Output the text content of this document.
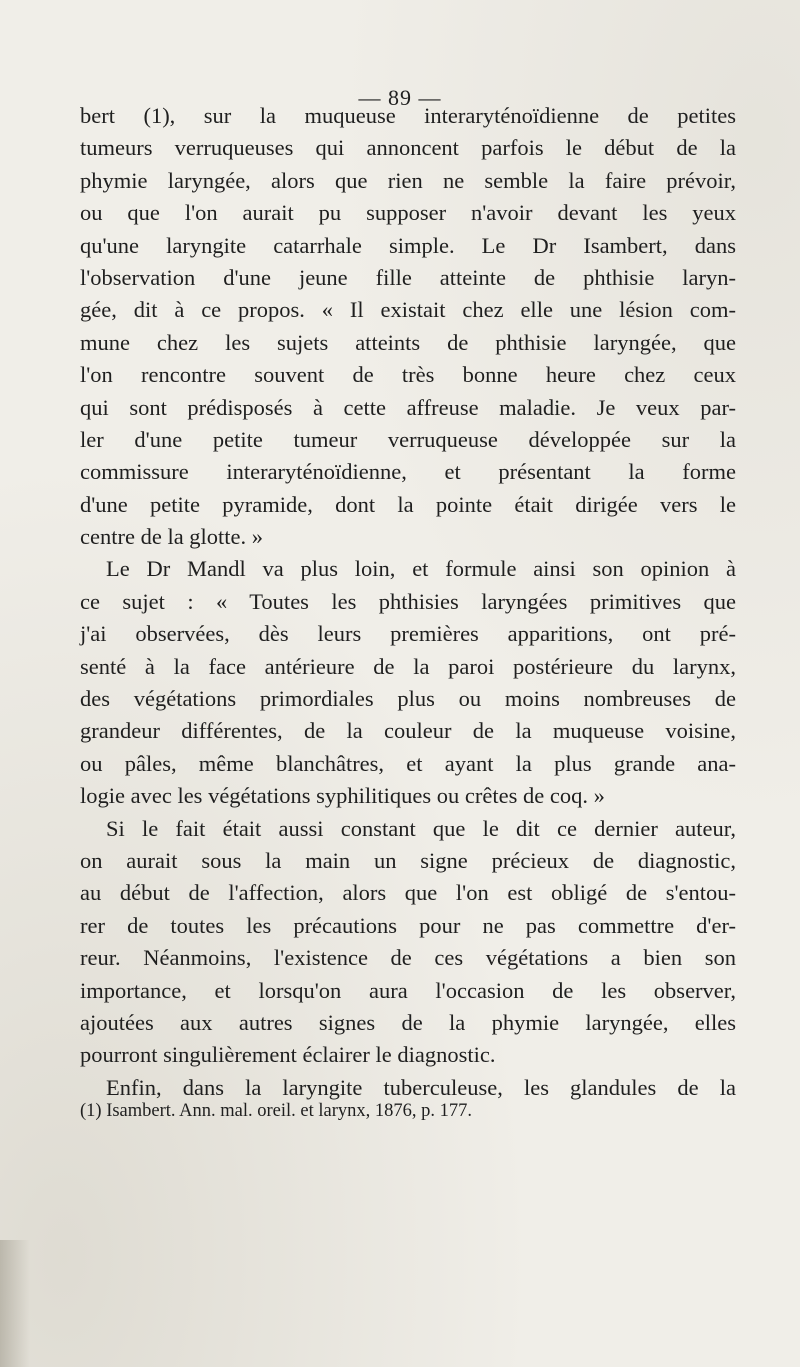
— 89 —
bert (1), sur la muqueuse interaryténoïdienne de petites
tumeurs verruqueuses qui annoncent parfois le début de la
phymie laryngée, alors que rien ne semble la faire prévoir,
ou que l'on aurait pu supposer n'avoir devant les yeux
qu'une laryngite catarrhale simple. Le Dr Isambert, dans
l'observation d'une jeune fille atteinte de phthisie laryn-
gée, dit à ce propos. « Il existait chez elle une lésion com-
mune chez les sujets atteints de phthisie laryngée, que
l'on rencontre souvent de très bonne heure chez ceux
qui sont prédisposés à cette affreuse maladie. Je veux par-
ler d'une petite tumeur verruqueuse développée sur la
commissure interaryténoïdienne, et présentant la forme
d'une petite pyramide, dont la pointe était dirigée vers le
centre de la glotte. »
Le Dr Mandl va plus loin, et formule ainsi son opinion à
ce sujet : « Toutes les phthisies laryngées primitives que
j'ai observées, dès leurs premières apparitions, ont pré-
senté à la face antérieure de la paroi postérieure du larynx,
des végétations primordiales plus ou moins nombreuses de
grandeur différentes, de la couleur de la muqueuse voisine,
ou pâles, même blanchâtres, et ayant la plus grande ana-
logie avec les végétations syphilitiques ou crêtes de coq. »
Si le fait était aussi constant que le dit ce dernier auteur,
on aurait sous la main un signe précieux de diagnostic,
au début de l'affection, alors que l'on est obligé de s'entou-
rer de toutes les précautions pour ne pas commettre d'er-
reur. Néanmoins, l'existence de ces végétations a bien son
importance, et lorsqu'on aura l'occasion de les observer,
ajoutées aux autres signes de la phymie laryngée, elles
pourront singulièrement éclairer le diagnostic.
Enfin, dans la laryngite tuberculeuse, les glandules de la
(1) Isambert. Ann. mal. oreil. et larynx, 1876, p. 177.
